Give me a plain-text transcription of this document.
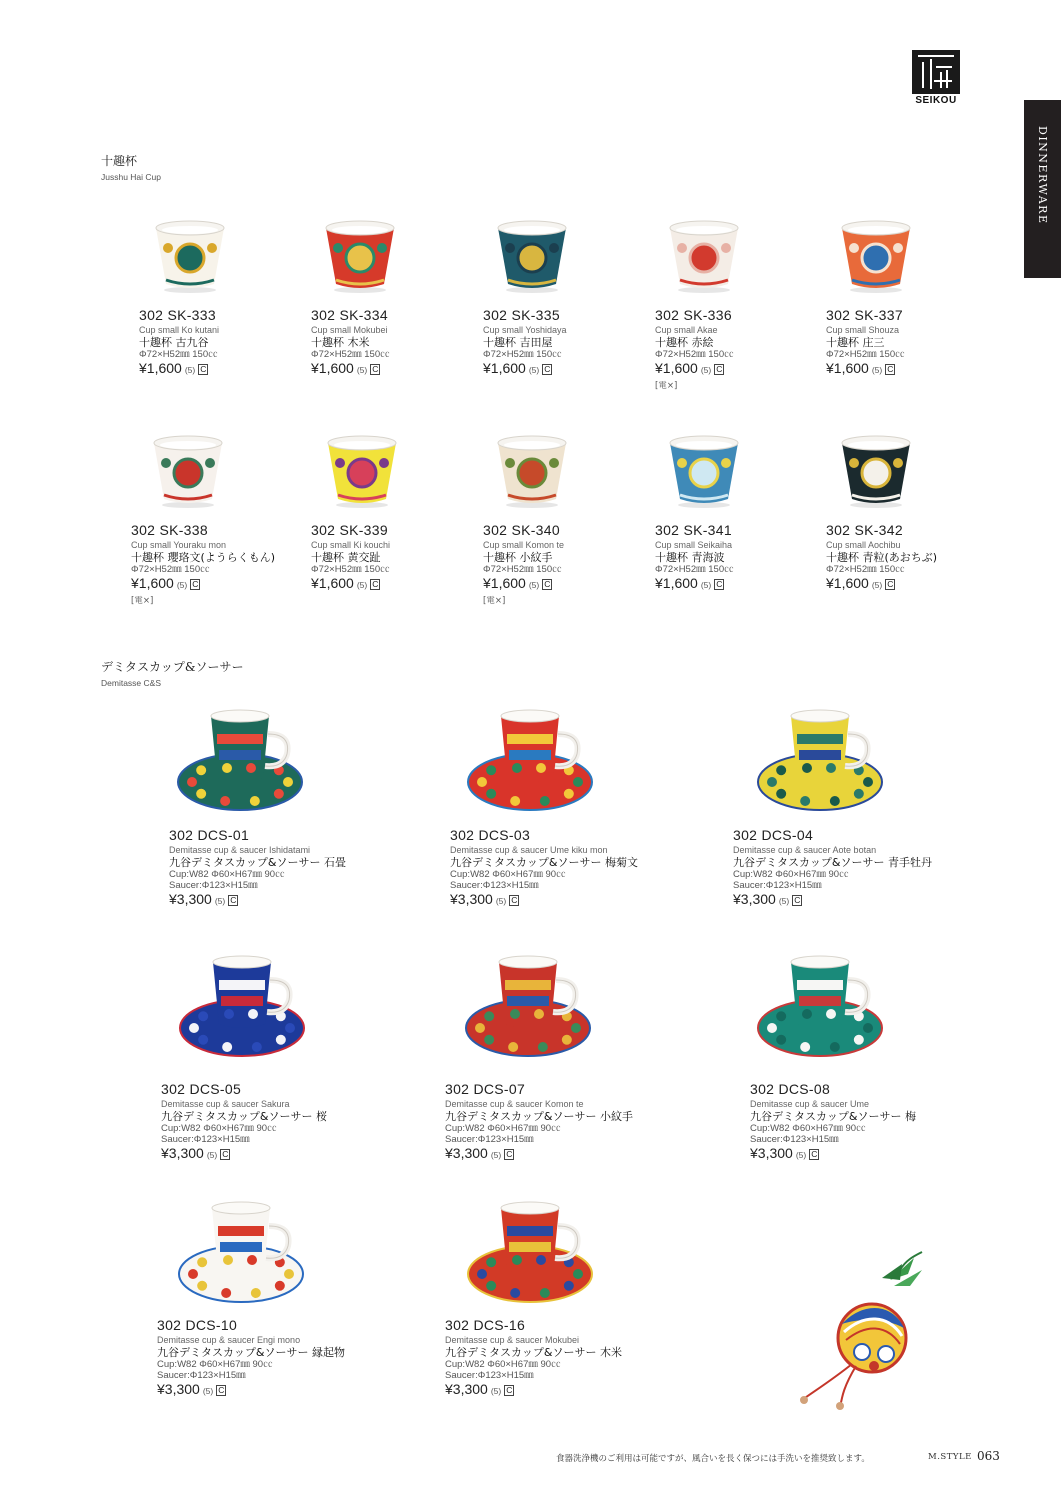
SEIKOU
DINNERWARE
十趣杯
Jusshu Hai Cup
デミタスカップ&ソーサー
Demitasse C&S
302 SK-333
Cup small Ko kutani
十趣杯 古九谷
Φ72×H52㎜ 150㏄
¥1,600 (5) C
302 SK-334
Cup small Mokubei
十趣杯 木米
Φ72×H52㎜ 150㏄
¥1,600 (5) C
302 SK-335
Cup small Yoshidaya
十趣杯 吉田屋
Φ72×H52㎜ 150㏄
¥1,600 (5) C
302 SK-336
Cup small Akae
十趣杯 赤絵
Φ72×H52㎜ 150㏄
¥1,600 (5) C
[電×]
302 SK-337
Cup small Shouza
十趣杯 庄三
Φ72×H52㎜ 150㏄
¥1,600 (5) C
302 SK-338
Cup small Youraku mon
十趣杯 瓔珞文(ようらくもん)
Φ72×H52㎜ 150㏄
¥1,600 (5) C
[電×]
302 SK-339
Cup small Ki kouchi
十趣杯 黄交趾
Φ72×H52㎜ 150㏄
¥1,600 (5) C
302 SK-340
Cup small Komon te
十趣杯 小紋手
Φ72×H52㎜ 150㏄
¥1,600 (5) C
[電×]
302 SK-341
Cup small Seikaiha
十趣杯 青海波
Φ72×H52㎜ 150㏄
¥1,600 (5) C
302 SK-342
Cup small Aochibu
十趣杯 青粒(あおちぶ)
Φ72×H52㎜ 150㏄
¥1,600 (5) C
302 DCS-01
Demitasse cup & saucer Ishidatami
九谷デミタスカップ&ソーサー 石畳
Cup:W82 Φ60×H67㎜ 90㏄
Saucer:Φ123×H15㎜
¥3,300 (5) C
302 DCS-03
Demitasse cup & saucer Ume kiku mon
九谷デミタスカップ&ソーサー 梅菊文
Cup:W82 Φ60×H67㎜ 90㏄
Saucer:Φ123×H15㎜
¥3,300 (5) C
302 DCS-04
Demitasse cup & saucer Aote botan
九谷デミタスカップ&ソーサー 青手牡丹
Cup:W82 Φ60×H67㎜ 90㏄
Saucer:Φ123×H15㎜
¥3,300 (5) C
302 DCS-05
Demitasse cup & saucer Sakura
九谷デミタスカップ&ソーサー 桜
Cup:W82 Φ60×H67㎜ 90㏄
Saucer:Φ123×H15㎜
¥3,300 (5) C
302 DCS-07
Demitasse cup & saucer Komon te
九谷デミタスカップ&ソーサー 小紋手
Cup:W82 Φ60×H67㎜ 90㏄
Saucer:Φ123×H15㎜
¥3,300 (5) C
302 DCS-08
Demitasse cup & saucer Ume
九谷デミタスカップ&ソーサー 梅
Cup:W82 Φ60×H67㎜ 90㏄
Saucer:Φ123×H15㎜
¥3,300 (5) C
302 DCS-10
Demitasse cup & saucer Engi mono
九谷デミタスカップ&ソーサー 縁起物
Cup:W82 Φ60×H67㎜ 90㏄
Saucer:Φ123×H15㎜
¥3,300 (5) C
302 DCS-16
Demitasse cup & saucer Mokubei
九谷デミタスカップ&ソーサー 木米
Cup:W82 Φ60×H67㎜ 90㏄
Saucer:Φ123×H15㎜
¥3,300 (5) C
食器洗浄機のご利用は可能ですが、風合いを長く保つには手洗いを推奨致します。	M.STYLE 063
